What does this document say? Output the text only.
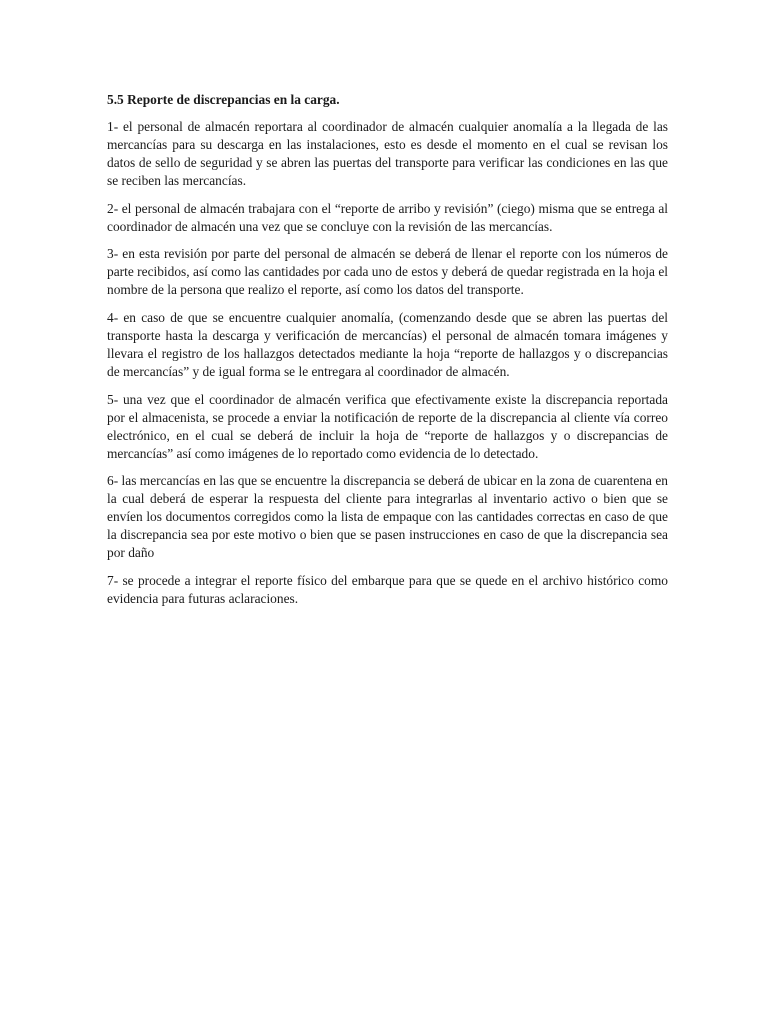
5.5 Reporte de discrepancias en la carga.

1- el personal de almacén reportara al coordinador de almacén cualquier anomalía a la llegada de las mercancías para su descarga en las instalaciones, esto es desde el momento en el cual se revisan los datos de sello de seguridad y se abren las puertas del transporte para verificar las condiciones en las que se reciben las mercancías.

2- el personal de almacén trabajara con el “reporte de arribo y revisión” (ciego) misma que se entrega al coordinador de almacén una vez que se concluye con la revisión de las mercancías.

3- en esta revisión por parte del personal de almacén se deberá de llenar el reporte con los números de parte recibidos, así como las cantidades por cada uno de estos y deberá de quedar registrada en la hoja el nombre de la persona que realizo el reporte, así como los datos del transporte.

4- en caso de que se encuentre cualquier anomalía, (comenzando desde que se abren las puertas del transporte hasta la descarga y verificación de mercancías) el personal de almacén tomara imágenes y llevara el registro de los hallazgos detectados mediante la hoja “reporte de hallazgos y o discrepancias de mercancías” y de igual forma se le entregara al coordinador de almacén.

5- una vez que el coordinador de almacén verifica que efectivamente existe la discrepancia reportada por el almacenista, se procede a enviar la notificación de reporte de la discrepancia al cliente vía correo electrónico, en el cual se deberá de incluir la hoja de “reporte de hallazgos y o discrepancias de mercancías” así como imágenes de lo reportado como evidencia de lo detectado.

6- las mercancías en las que se encuentre la discrepancia se deberá de ubicar en la zona de cuarentena en la cual deberá de esperar la respuesta del cliente para integrarlas al inventario activo o bien que se envíen los documentos corregidos como la lista de empaque con las cantidades correctas en caso de que la discrepancia sea por este motivo o bien que se pasen instrucciones en caso de que la discrepancia sea por daño

7- se procede a integrar el reporte físico del embarque para que se quede en el archivo histórico como evidencia para futuras aclaraciones.
